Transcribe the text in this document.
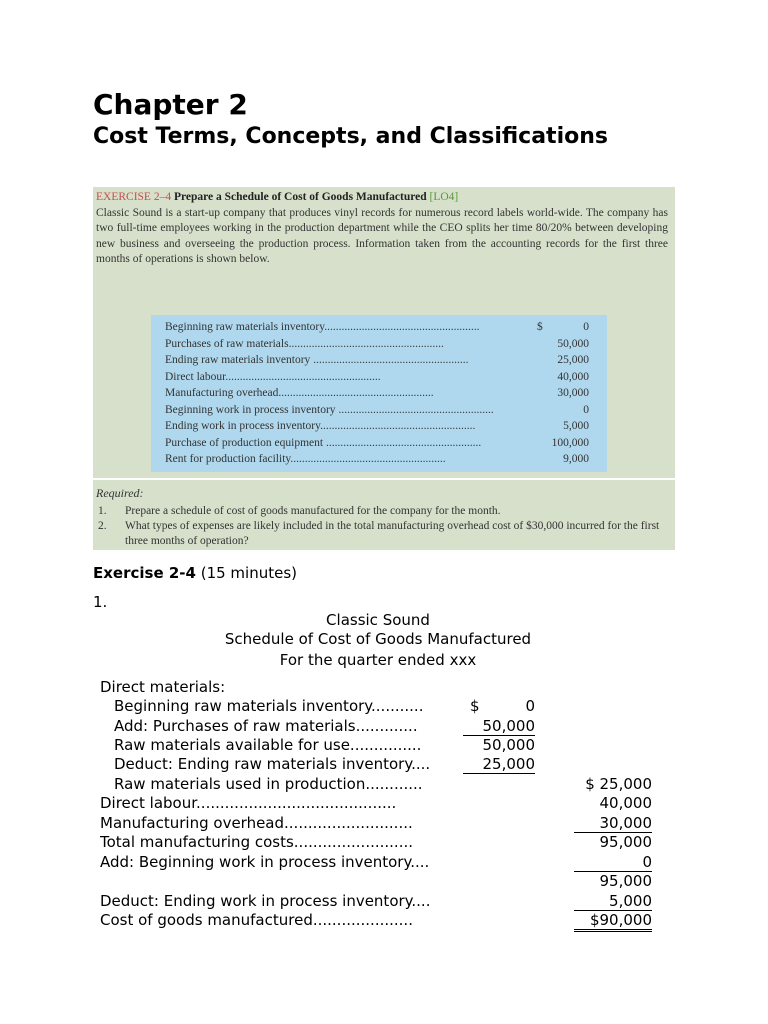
Chapter 2
Cost Terms, Concepts, and Classifications
EXERCISE 2–4 Prepare a Schedule of Cost of Goods Manufactured [LO4]
Classic Sound is a start-up company that produces vinyl records for numerous record labels world-wide. The company has two full-time employees working in the production department while the CEO splits her time 80/20% between developing new business and overseeing the production process. Information taken from the accounting records for the first three months of operations is shown below.
Beginning raw materials inventory......................................................	$	0
Purchases of raw materials......................................................	50,000
Ending raw materials inventory ......................................................	25,000
Direct labour......................................................	40,000
Manufacturing overhead......................................................	30,000
Beginning work in process inventory ......................................................	0
Ending work in process inventory......................................................	5,000
Purchase of production equipment ......................................................	100,000
Rent for production facility......................................................	9,000
Required:
1. Prepare a schedule of cost of goods manufactured for the company for the month.
2. What types of expenses are likely included in the total manufacturing overhead cost of $30,000 incurred for the first three months of operation?
Exercise 2-4 (15 minutes)
1.
Classic Sound
Schedule of Cost of Goods Manufactured
For the quarter ended xxx
Direct materials:
Beginning raw materials inventory...........	$	0
Add: Purchases of raw materials.............	50,000
Raw materials available for use...............	50,000
Deduct: Ending raw materials inventory....	25,000
Raw materials used in production............	$ 25,000
Direct labour..........................................	40,000
Manufacturing overhead...........................	30,000
Total manufacturing costs.........................	95,000
Add: Beginning work in process inventory....	0
95,000
Deduct: Ending work in process inventory....	5,000
Cost of goods manufactured.....................	$90,000
